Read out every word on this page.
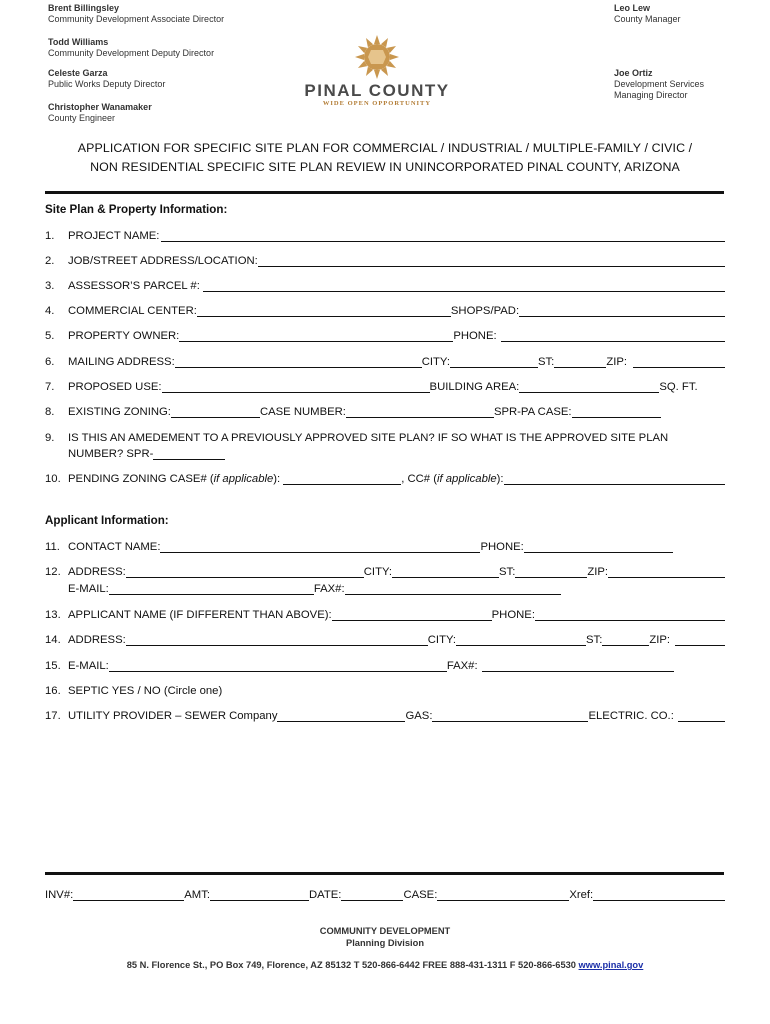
Brent Billingsley
Community Development Associate Director
Todd Williams
Community Development Deputy Director
Celeste Garza
Public Works Deputy Director
Christopher Wanamaker
County Engineer
Leo Lew
County Manager
Joe Ortiz
Development Services
Managing Director
PINAL COUNTY
WIDE OPEN OPPORTUNITY
APPLICATION FOR SPECIFIC SITE PLAN FOR COMMERCIAL / INDUSTRIAL / MULTIPLE-FAMILY / CIVIC /
NON RESIDENTIAL SPECIFIC SITE PLAN REVIEW IN UNINCORPORATED PINAL COUNTY, ARIZONA
Site Plan & Property Information:
1.	PROJECT NAME:
2.	JOB/STREET ADDRESS/LOCATION:
3.	ASSESSOR’S PARCEL #:
4.	COMMERCIAL CENTER:	SHOPS/PAD:
5.	PROPERTY OWNER:	PHONE:
6.	MAILING ADDRESS:	CITY:	ST:	ZIP:
7.	PROPOSED USE:	BUILDING AREA:	SQ. FT.
8.	EXISTING ZONING:	CASE NUMBER:	SPR-PA CASE:
9.	IS THIS AN AMEDEMENT TO A PREVIOUSLY APPROVED SITE PLAN? IF SO WHAT IS THE APPROVED SITE PLAN
NUMBER? SPR-
10. PENDING ZONING CASE# (if applicable):	, CC# (if applicable):
Applicant Information:
11. CONTACT NAME:	PHONE:
12. ADDRESS:	CITY:	ST:	ZIP:
E-MAIL:	FAX#:
13. APPLICANT NAME (IF DIFFERENT THAN ABOVE):	PHONE:
14. ADDRESS:	CITY:	ST:	ZIP:
15. E-MAIL:	FAX#:
16. SEPTIC YES / NO (Circle one)
17. UTILITY PROVIDER – SEWER Company	GAS:	ELECTRIC. CO.:
INV#:	AMT:	DATE:	CASE:	Xref:
COMMUNITY DEVELOPMENT
Planning Division
85 N. Florence St., PO Box 749, Florence, AZ 85132 T 520-866-6442 FREE 888-431-1311 F 520-866-6530 www.pinal.gov
